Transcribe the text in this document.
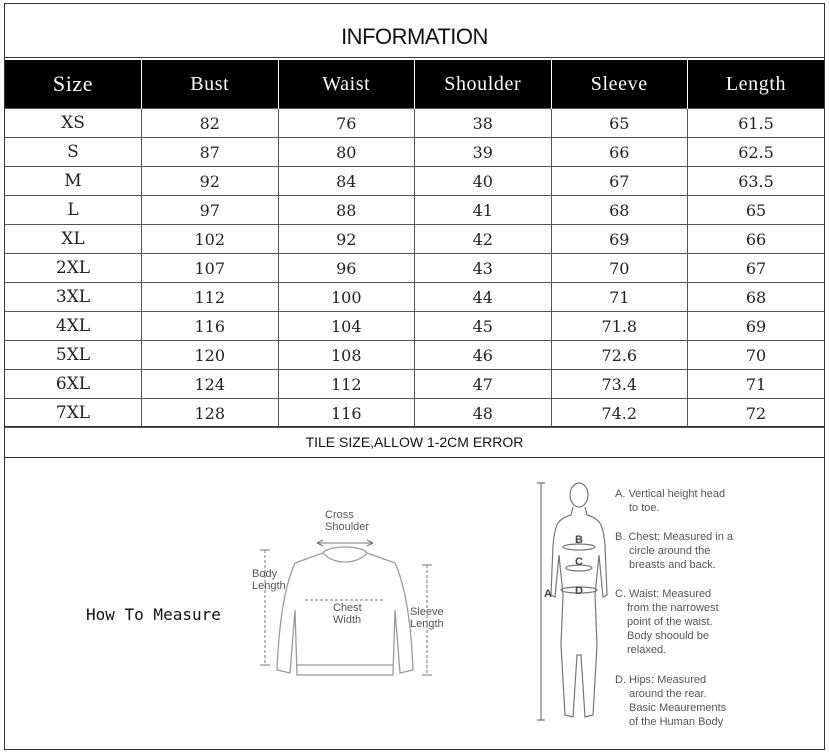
INFORMATION
Size	Bust	Waist	Shoulder	Sleeve	Length
XS	82	76	38	65	61.5
S	87	80	39	66	62.5
M	92	84	40	67	63.5
L	97	88	41	68	65
XL	102	92	42	69	66
2XL	107	96	43	70	67
3XL	112	100	44	71	68
4XL	116	104	45	71.8	69
5XL	120	108	46	72.6	70
6XL	124	112	47	73.4	71
7XL	128	116	48	74.2	72
TILE SIZE,ALLOW 1-2CM ERROR
How To Measure
Cross
Shoulder
Body
Length
Chest
Width
Sleeve
Length
A
B
C
D
A. Vertical height head
to toe.
B. Chest: Measured in a
circle around the
breasts and back.
C. Waist: Measured
from the narrowest
point of the waist.
Body shoould be
relaxed.
D. Hips: Measured
around the rear.
Basic Meaurements
of the Human Body
